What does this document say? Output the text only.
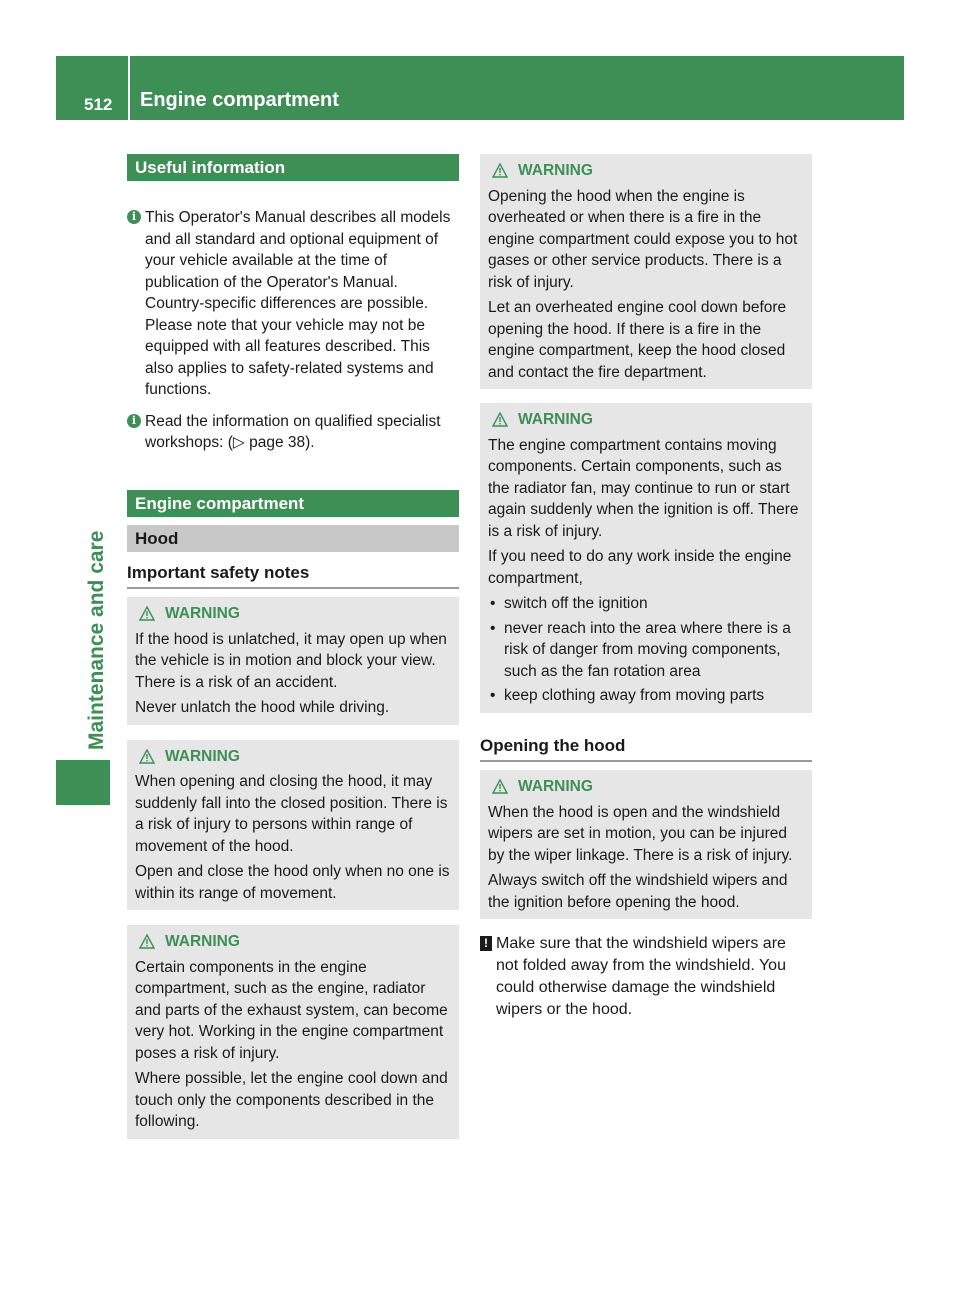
512 Engine compartment
Maintenance and care
Useful information
i This Operator's Manual describes all models and all standard and optional equipment of your vehicle available at the time of publication of the Operator's Manual. Country-specific differences are possible. Please note that your vehicle may not be equipped with all features described. This also applies to safety-related systems and functions.
i Read the information on qualified specialist workshops: (▷ page 38).
Engine compartment
Hood
Important safety notes
WARNING

If the hood is unlatched, it may open up when the vehicle is in motion and block your view. There is a risk of an accident.

Never unlatch the hood while driving.

WARNING

When opening and closing the hood, it may suddenly fall into the closed position. There is a risk of injury to persons within range of movement of the hood.

Open and close the hood only when no one is within its range of movement.

WARNING

Certain components in the engine compartment, such as the engine, radiator and parts of the exhaust system, can become very hot. Working in the engine compartment poses a risk of injury.

Where possible, let the engine cool down and touch only the components described in the following.

WARNING

Opening the hood when the engine is overheated or when there is a fire in the engine compartment could expose you to hot gases or other service products. There is a risk of injury.

Let an overheated engine cool down before opening the hood. If there is a fire in the engine compartment, keep the hood closed and contact the fire department.

WARNING

The engine compartment contains moving components. Certain components, such as the radiator fan, may continue to run or start again suddenly when the ignition is off. There is a risk of injury.

If you need to do any work inside the engine compartment,

• switch off the ignition
• never reach into the area where there is a risk of danger from moving components, such as the fan rotation area
• keep clothing away from moving parts
Opening the hood
WARNING

When the hood is open and the windshield wipers are set in motion, you can be injured by the wiper linkage. There is a risk of injury.

Always switch off the windshield wipers and the ignition before opening the hood.

! Make sure that the windshield wipers are not folded away from the windshield. You could otherwise damage the windshield wipers or the hood.
